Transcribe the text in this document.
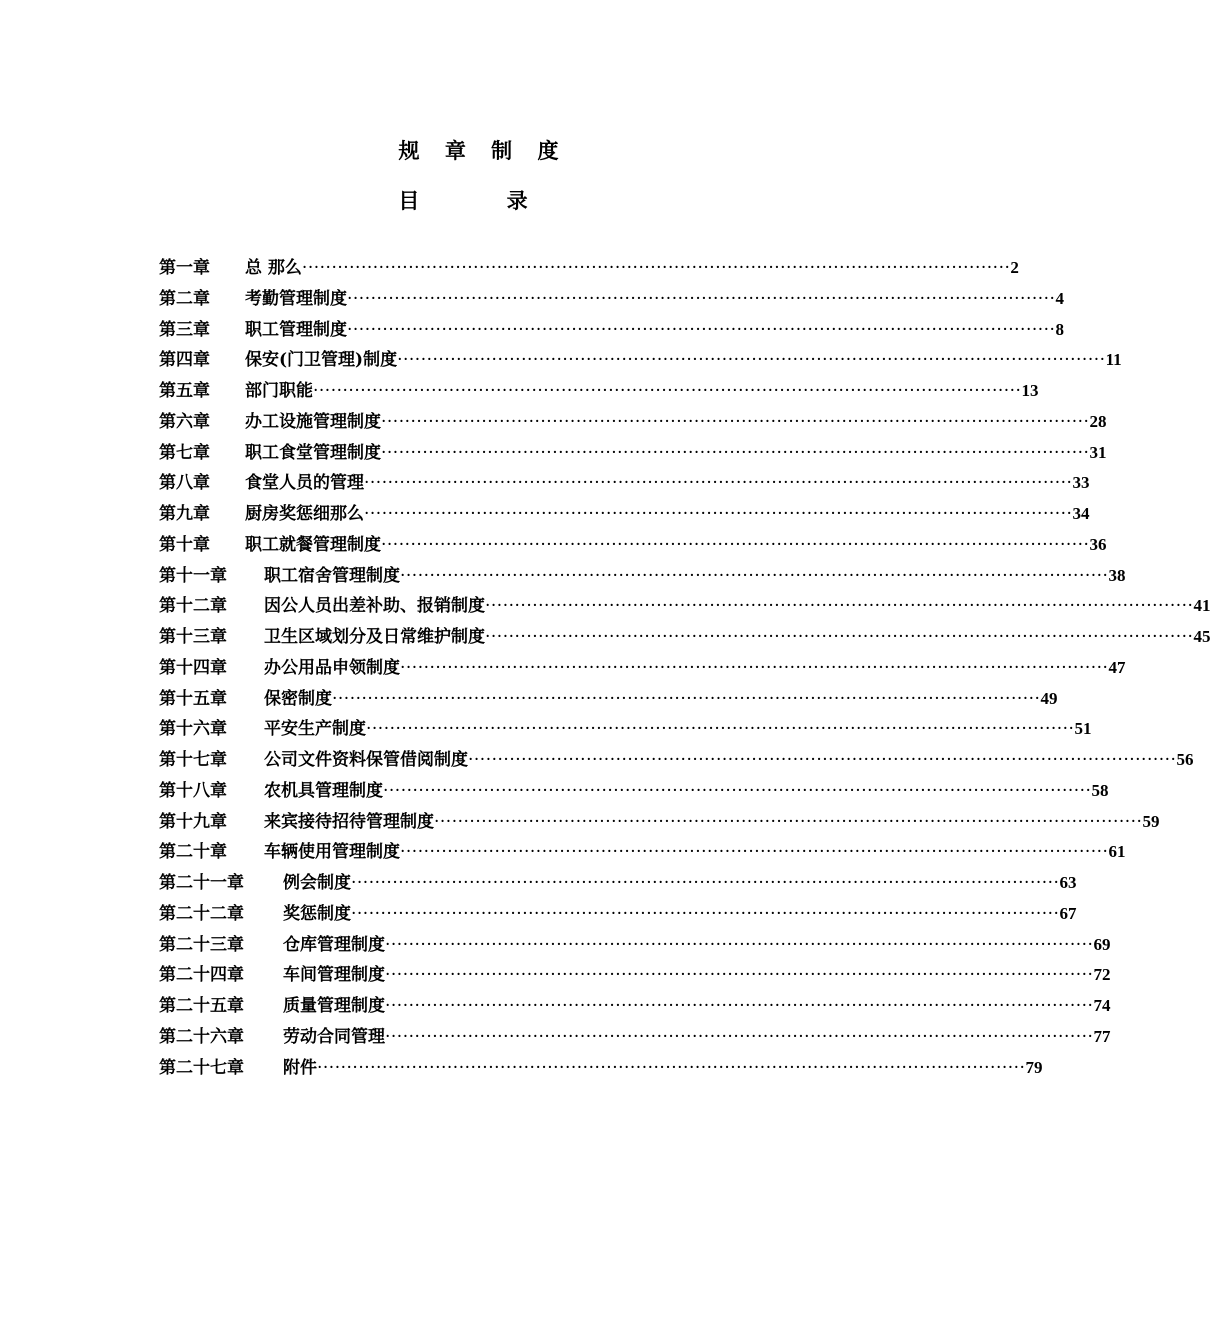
规 章 制 度
目 录
第一章	总 那么 ························································································································ 2
第二章	考勤管理制度 ························································································································ 4
第三章	职工管理制度 ························································································································ 8
第四章	保安(门卫管理)制度 ························································································································ 11
第五章	部门职能 ························································································································ 13
第六章	办工设施管理制度 ························································································································ 28
第七章	职工食堂管理制度 ························································································································ 31
第八章	食堂人员的管理 ························································································································ 33
第九章	厨房奖惩细那么 ························································································································ 34
第十章	职工就餐管理制度 ························································································································ 36
第十一章	职工宿舍管理制度 ························································································································ 38
第十二章	因公人员出差补助、报销制度 ························································································································ 41
第十三章	卫生区域划分及日常维护制度 ························································································································ 45
第十四章	办公用品申领制度 ························································································································ 47
第十五章	保密制度 ························································································································ 49
第十六章	平安生产制度 ························································································································ 51
第十七章	公司文件资料保管借阅制度 ························································································································ 56
第十八章	农机具管理制度 ························································································································ 58
第十九章	来宾接待招待管理制度 ························································································································ 59
第二十章	车辆使用管理制度 ························································································································ 61
第二十一章	例会制度 ························································································································ 63
第二十二章	奖惩制度 ························································································································ 67
第二十三章	仓库管理制度 ························································································································ 69
第二十四章	车间管理制度 ························································································································ 72
第二十五章	质量管理制度 ························································································································ 74
第二十六章	劳动合同管理 ························································································································ 77
第二十七章	附件 ························································································································ 79
